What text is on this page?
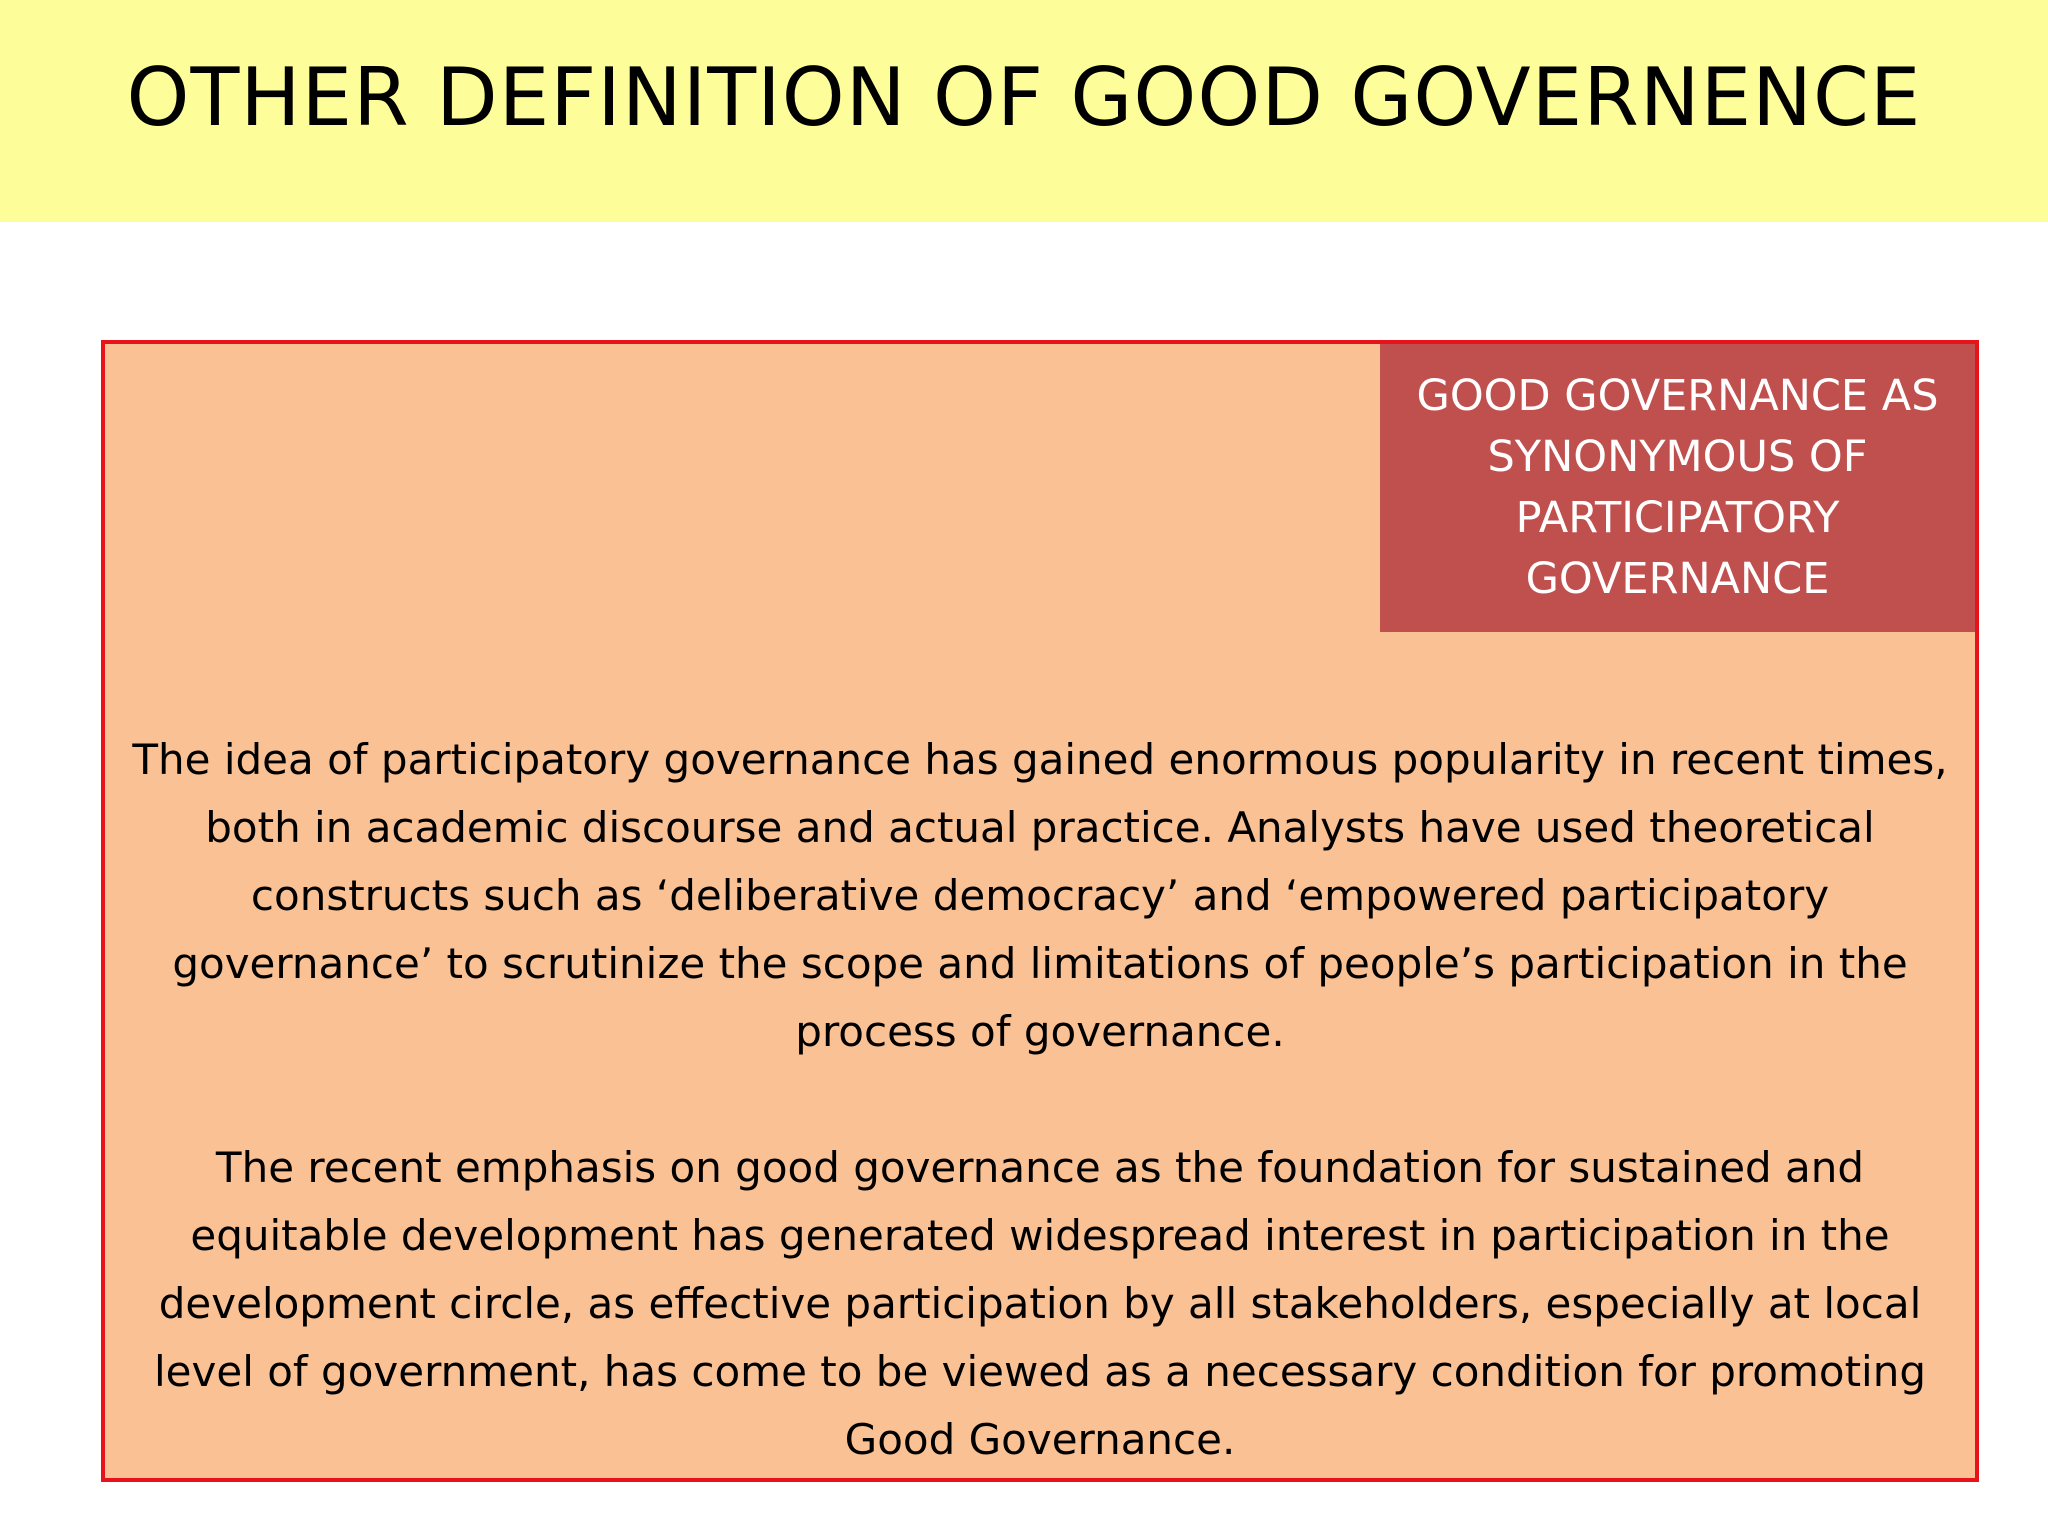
OTHER DEFINITION OF GOOD GOVERNENCE
GOOD GOVERNANCE AS SYNONYMOUS OF PARTICIPATORY GOVERNANCE

The idea of participatory governance has gained enormous popularity in recent times, both in academic discourse and actual practice. Analysts have used theoretical constructs such as ‘deliberative democracy’ and ‘empowered participatory governance’ to scrutinize the scope and limitations of people’s participation in the process of governance.

The recent emphasis on good governance as the foundation for sustained and equitable development has generated widespread interest in participation in the development circle, as effective participation by all stakeholders, especially at local level of government, has come to be viewed as a necessary condition for promoting Good Governance.
